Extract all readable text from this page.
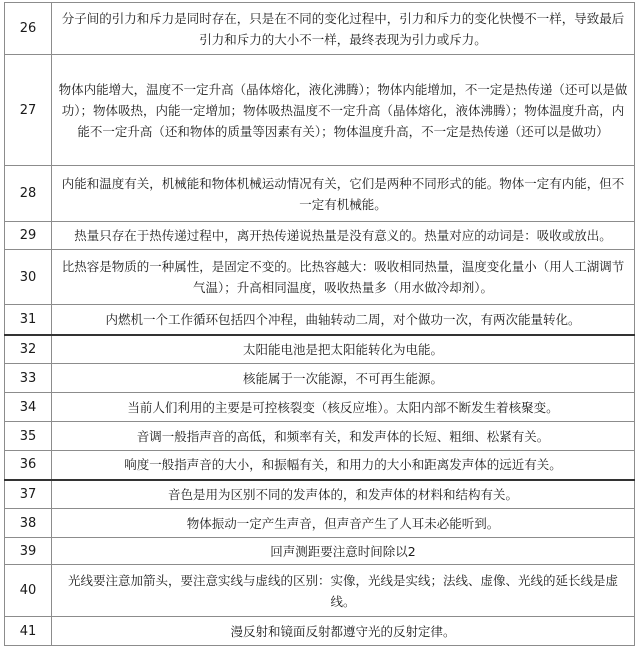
26	分子间的引力和斥力是同时存在，只是在不同的变化过程中，引力和斥力的变化快慢不一样，导致最后引力和斥力的大小不一样，最终表现为引力或斥力。
27	物体内能增大，温度不一定升高（晶体熔化，液化沸腾）；物体内能增加，不一定是热传递（还可以是做功）；物体吸热，内能一定增加；物体吸热温度不一定升高（晶体熔化，液体沸腾）；物体温度升高，内能不一定升高（还和物体的质量等因素有关）；物体温度升高，不一定是热传递（还可以是做功）
28	内能和温度有关，机械能和物体机械运动情况有关，它们是两种不同形式的能。物体一定有内能，但不一定有机械能。
29	热量只存在于热传递过程中，离开热传递说热量是没有意义的。热量对应的动词是：吸收或放出。
30	比热容是物质的一种属性，是固定不变的。比热容越大：吸收相同热量，温度变化量小（用人工湖调节气温）；升高相同温度，吸收热量多（用水做冷却剂）。
31	内燃机一个工作循环包括四个冲程，曲轴转动二周，对个做功一次，有两次能量转化。
32	太阳能电池是把太阳能转化为电能。
33	核能属于一次能源，不可再生能源。
34	当前人们利用的主要是可控核裂变（核反应堆）。太阳内部不断发生着核聚变。
35	音调一般指声音的高低，和频率有关，和发声体的长短、粗细、松紧有关。
36	响度一般指声音的大小，和振幅有关，和用力的大小和距离发声体的远近有关。
37	音色是用为区别不同的发声体的，和发声体的材料和结构有关。
38	物体振动一定产生声音，但声音产生了人耳未必能听到。
39	回声测距要注意时间除以2
40	光线要注意加箭头，要注意实线与虚线的区别：实像，光线是实线；法线、虚像、光线的延长线是虚线。
41	漫反射和镜面反射都遵守光的反射定律。
